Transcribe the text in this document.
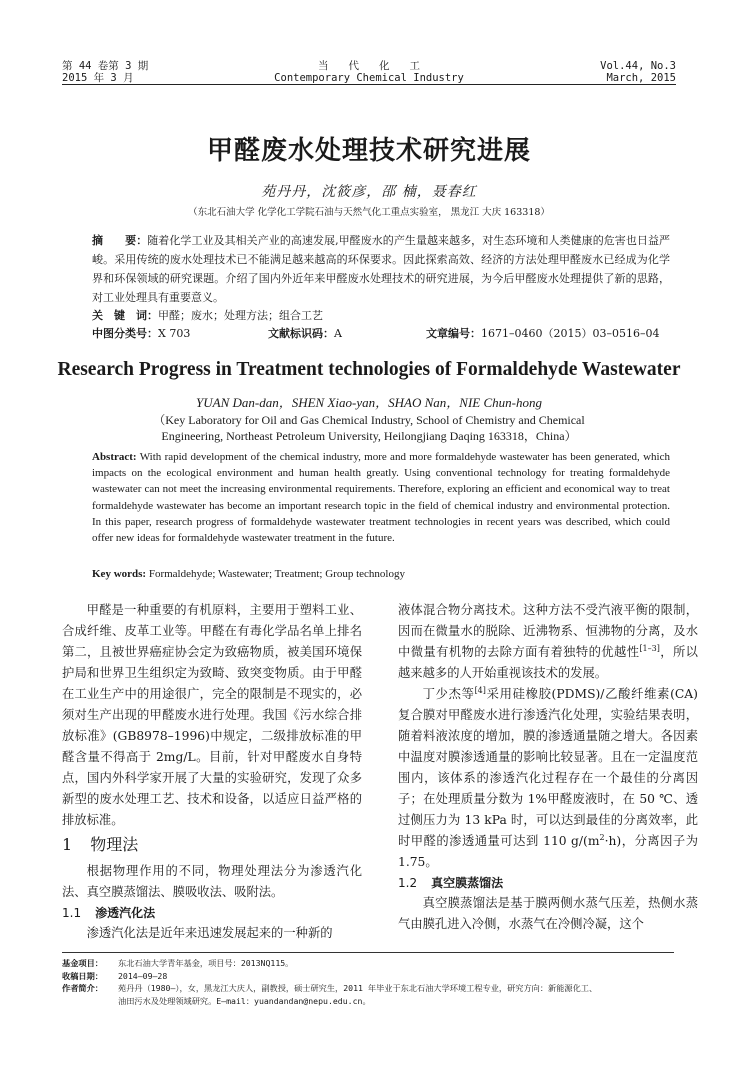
第 44 卷第 3 期
2015 年 3 月
当代化工
Contemporary Chemical Industry
Vol.44, No.3
March, 2015
甲醛废水处理技术研究进展
苑丹丹，沈筱彦，邵 楠，聂春红
（东北石油大学 化学化工学院石油与天然气化工重点实验室， 黑龙江 大庆 163318）
摘　　要：随着化学工业及其相关产业的高速发展,甲醛废水的产生量越来越多，对生态环境和人类健康的危害也日益严峻。采用传统的废水处理技术已不能满足越来越高的环保要求。因此探索高效、经济的方法处理甲醛废水已经成为化学界和环保领域的研究课题。介绍了国内外近年来甲醛废水处理技术的研究进展，为今后甲醛废水处理提供了新的思路，对工业处理具有重要意义。
关　键　词：甲醛；废水；处理方法；组合工艺
中图分类号：X 703	文献标识码：A	文章编号：1671–0460（2015）03–0516–04
Research Progress in Treatment technologies of Formaldehyde Wastewater
YUAN Dan-dan，SHEN Xiao-yan，SHAO Nan，NIE Chun-hong
（Key Laboratory for Oil and Gas Chemical Industry, School of Chemistry and Chemical Engineering, Northeast Petroleum University, Heilongjiang Daqing 163318，China）
Abstract: With rapid development of the chemical industry, more and more formaldehyde wastewater has been generated, which impacts on the ecological environment and human health greatly. Using conventional technology for treating formaldehyde wastewater can not meet the increasing environmental requirements. Therefore, exploring an efficient and economical way to treat formaldehyde wastewater has become an important research topic in the field of chemical industry and environmental protection. In this paper, research progress of formaldehyde wastewater treatment technologies in recent years was described, which could offer new ideas for formaldehyde wastewater treatment in the future.
Key words: Formaldehyde; Wastewater; Treatment; Group technology

甲醛是一种重要的有机原料，主要用于塑料工业、合成纤维、皮革工业等。甲醛在有毒化学品名单上排名第二，且被世界癌症协会定为致癌物质，被美国环境保护局和世界卫生组织定为致畸、致突变物质。由于甲醛在工业生产中的用途很广，完全的限制是不现实的，必须对生产出现的甲醛废水进行处理。我国《污水综合排放标准》(GB8978–1996)中规定，二级排放标准的甲醛含量不得高于 2mg/L。目前，针对甲醛废水自身特点，国内外科学家开展了大量的实验研究，发现了众多新型的废水处理工艺、技术和设备，以适应日益严格的排放标准。

1 物理法

根据物理作用的不同，物理处理法分为渗透汽化法、真空膜蒸馏法、膜吸收法、吸附法。

1.1 渗透汽化法

渗透汽化法是近年来迅速发展起来的一种新的

液体混合物分离技术。这种方法不受汽液平衡的限制，因而在微量水的脱除、近沸物系、恒沸物的分离，及水中微量有机物的去除方面有着独特的优越性[1–3]，所以越来越多的人开始重视该技术的发展。

丁少杰等[4]采用硅橡胶(PDMS)/乙酸纤维素(CA)复合膜对甲醛废水进行渗透汽化处理，实验结果表明，随着料液浓度的增加，膜的渗透通量随之增大。各因素中温度对膜渗透通量的影响比较显著。且在一定温度范围内，该体系的渗透汽化过程存在一个最佳的分离因子；在处理质量分数为 1%甲醛废液时，在 50 ℃、透过侧压力为 13 kPa 时，可以达到最佳的分离效率，此时甲醛的渗透通量可达到 110 $g/(m^2\cdot h)$，分离因子为 1.75。

1.2 真空膜蒸馏法

真空膜蒸馏法是基于膜两侧水蒸气压差，热侧水蒸气由膜孔进入冷侧，水蒸气在冷侧冷凝，这个

基金项目： 东北石油大学青年基金，项目号：2013NQ115。
收稿日期： 2014–09–28
作者简介： 苑丹丹（1980–），女，黑龙江大庆人，副教授，硕士研究生，2011 年毕业于东北石油大学环境工程专业，研究方向：新能源化工、
油田污水及处理领域研究。E–mail：yuandandan@nepu.edu.cn。
